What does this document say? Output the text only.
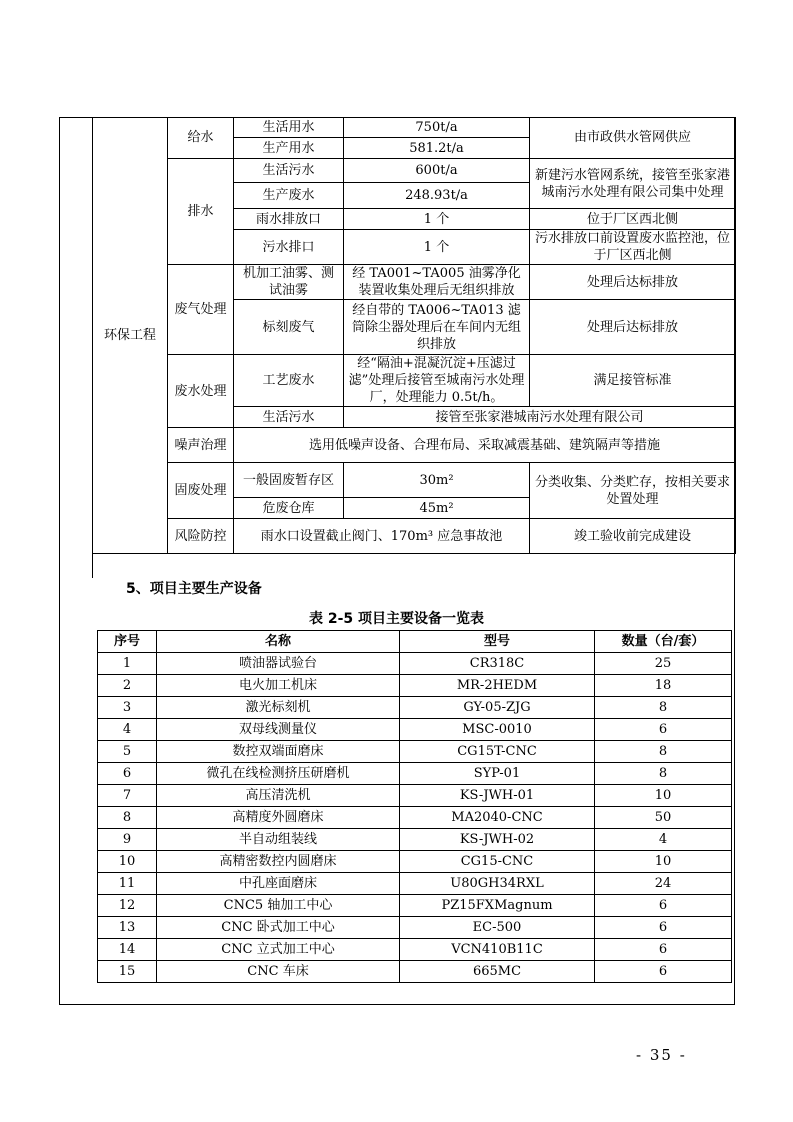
环保工程	给水	生活用水	750t/a	由市政供水管网供应
		生产用水	581.2t/a	
	排水	生活污水	600t/a	新建污水管网系统，接管至张家港城南污水处理有限公司集中处理
		生产废水	248.93t/a	
		雨水排放口	1 个	位于厂区西北侧
		污水排口	1 个	污水排放口前设置废水监控池，位于厂区西北侧
	废气处理	机加工油雾、测试油雾	经 TA001~TA005 油雾净化装置收集处理后无组织排放	处理后达标排放
		标刻废气	经自带的 TA006~TA013 滤筒除尘器处理后在车间内无组织排放	处理后达标排放
	废水处理	工艺废水	经“隔油+混凝沉淀+压滤过滤”处理后接管至城南污水处理厂，处理能力 0.5t/h。	满足接管标准
		生活污水	接管至张家港城南污水处理有限公司	
	噪声治理	选用低噪声设备、合理布局、采取减震基础、建筑隔声等措施		
	固废处理	一般固废暂存区	30m²	分类收集、分类贮存，按相关要求处置处理
		危废仓库	45m²	
	风险防控	雨水口设置截止阀门、170m³ 应急事故池		竣工验收前完成建设
5、项目主要生产设备
表 2-5 项目主要设备一览表
序号	名称	型号	数量（台/套）
1	喷油器试验台	CR318C	25
2	电火加工机床	MR-2HEDM	18
3	激光标刻机	GY-05-ZJG	8
4	双母线测量仪	MSC-0010	6
5	数控双端面磨床	CG15T-CNC	8
6	微孔在线检测挤压研磨机	SYP-01	8
7	高压清洗机	KS-JWH-01	10
8	高精度外圆磨床	MA2040-CNC	50
9	半自动组装线	KS-JWH-02	4
10	高精密数控内圆磨床	CG15-CNC	10
11	中孔座面磨床	U80GH34RXL	24
12	CNC5 轴加工中心	PZ15FXMagnum	6
13	CNC 卧式加工中心	EC-500	6
14	CNC 立式加工中心	VCN410B11C	6
15	CNC 车床	665MC	6
- 35 -
